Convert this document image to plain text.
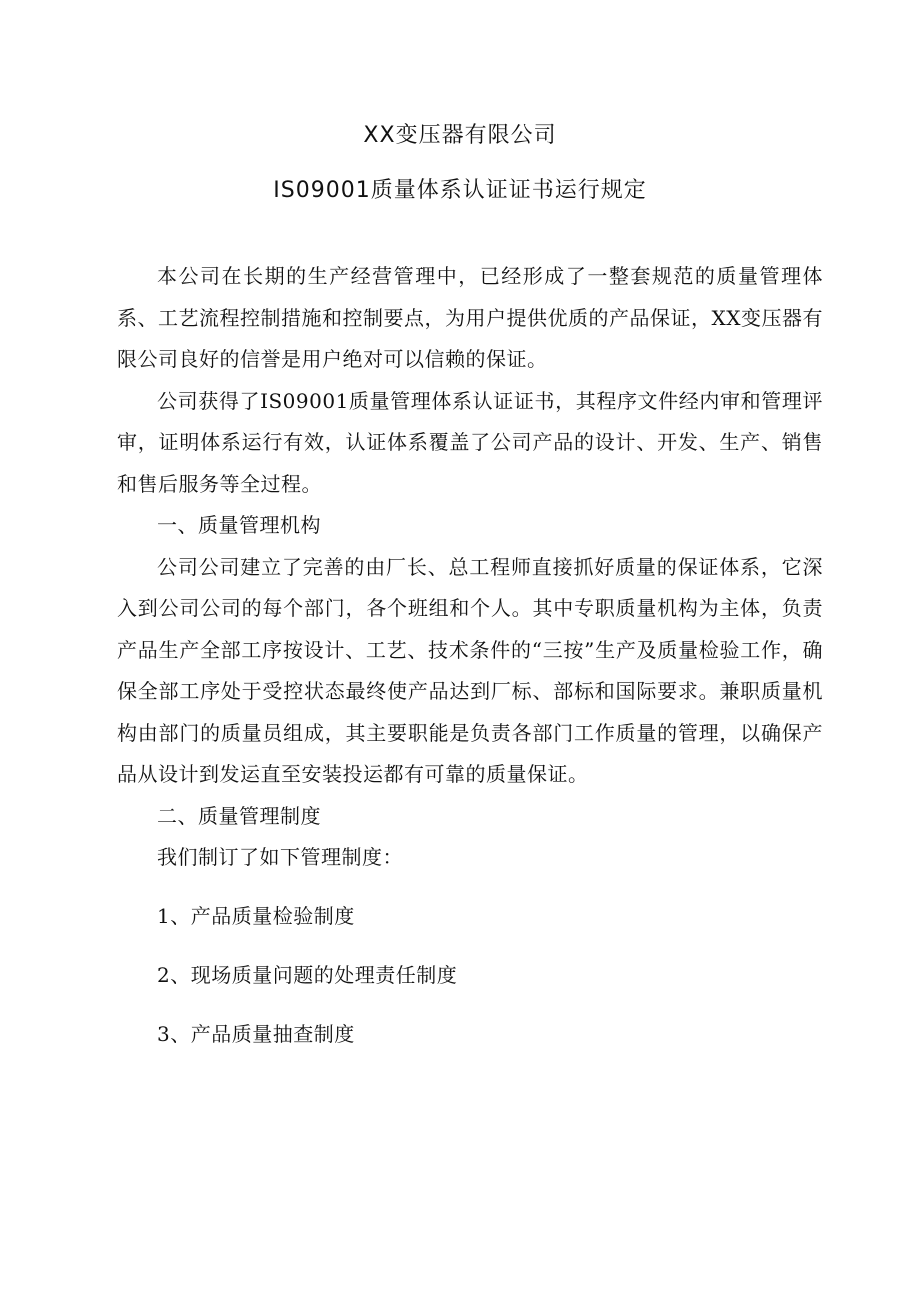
XX变压器有限公司
IS09001质量体系认证证书运行规定

本公司在长期的生产经营管理中，已经形成了一整套规范的质量管理体系、工艺流程控制措施和控制要点，为用户提供优质的产品保证，XX变压器有限公司良好的信誉是用户绝对可以信赖的保证。

公司获得了IS09001质量管理体系认证证书，其程序文件经内审和管理评审，证明体系运行有效，认证体系覆盖了公司产品的设计、开发、生产、销售和售后服务等全过程。

一、质量管理机构

公司公司建立了完善的由厂长、总工程师直接抓好质量的保证体系，它深入到公司公司的每个部门，各个班组和个人。其中专职质量机构为主体，负责产品生产全部工序按设计、工艺、技术条件的“三按”生产及质量检验工作，确保全部工序处于受控状态最终使产品达到厂标、部标和国际要求。兼职质量机构由部门的质量员组成，其主要职能是负责各部门工作质量的管理，以确保产品从设计到发运直至安装投运都有可靠的质量保证。

二、质量管理制度

我们制订了如下管理制度：

1、产品质量检验制度

2、现场质量问题的处理责任制度

3、产品质量抽查制度
